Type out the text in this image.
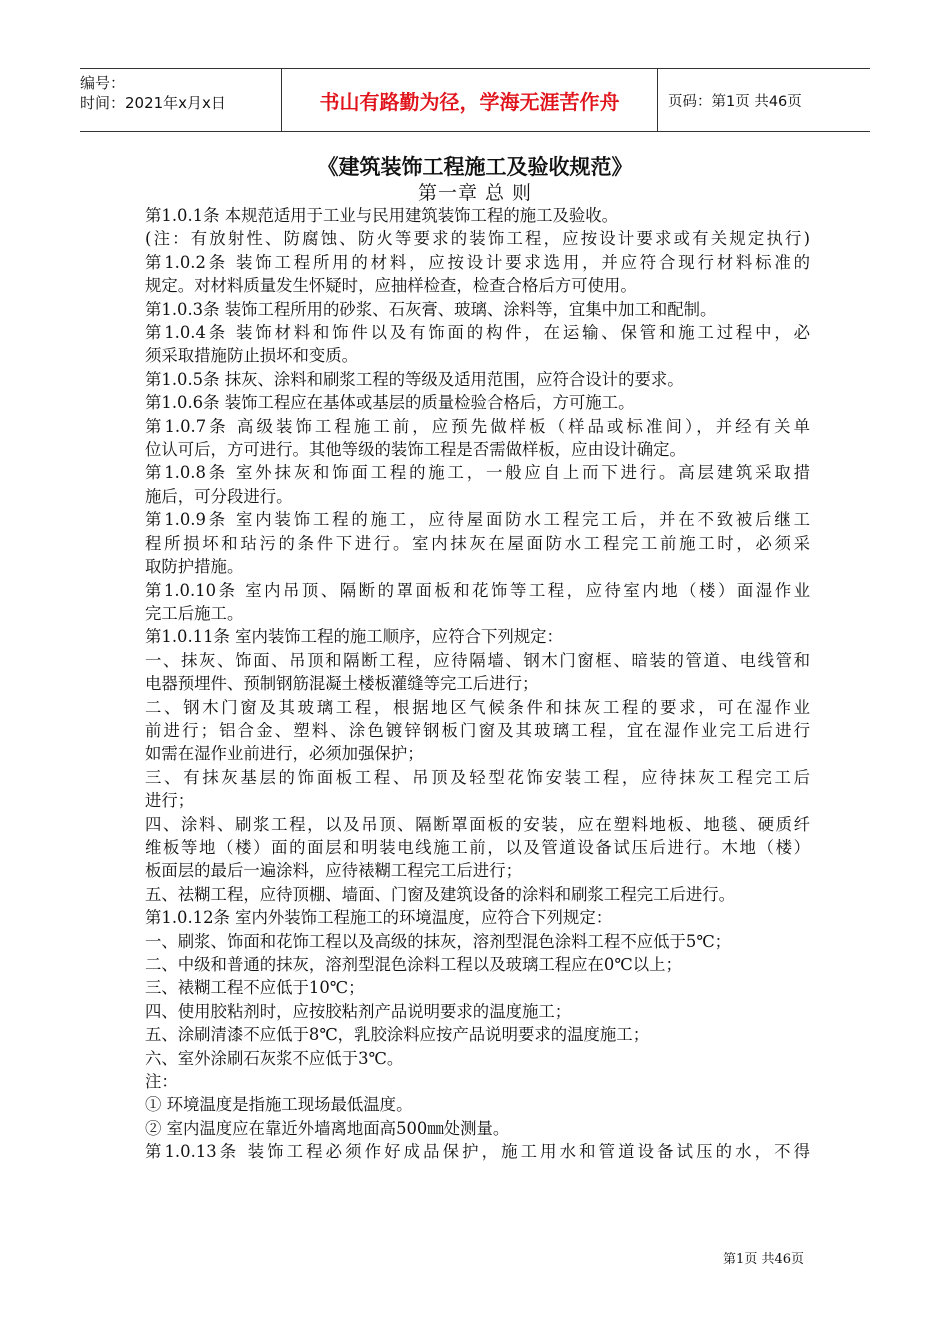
编号：
时间：2021年x月x日	书山有路勤为径，学海无涯苦作舟	页码：第1页 共46页
《建筑装饰工程施工及验收规范》
第一章 总 则
第1.0.1条 本规范适用于工业与民用建筑装饰工程的施工及验收。
(注：有放射性、防腐蚀、防火等要求的装饰工程，应按设计要求或有关规定执行)
第1.0.2条 装饰工程所用的材料，应按设计要求选用，并应符合现行材料标准的
规定。对材料质量发生怀疑时，应抽样检查，检查合格后方可使用。
第1.0.3条 装饰工程所用的砂浆、石灰膏、玻璃、涂料等，宜集中加工和配制。
第1.0.4条 装饰材料和饰件以及有饰面的构件，在运输、保管和施工过程中，必
须采取措施防止损坏和变质。
第1.0.5条 抹灰、涂料和刷浆工程的等级及适用范围，应符合设计的要求。
第1.0.6条 装饰工程应在基体或基层的质量检验合格后，方可施工。
第1.0.7条 高级装饰工程施工前，应预先做样板（样品或标准间），并经有关单
位认可后，方可进行。其他等级的装饰工程是否需做样板，应由设计确定。
第1.0.8条 室外抹灰和饰面工程的施工，一般应自上而下进行。高层建筑采取措
施后，可分段进行。
第1.0.9条 室内装饰工程的施工，应待屋面防水工程完工后，并在不致被后继工
程所损坏和玷污的条件下进行。室内抹灰在屋面防水工程完工前施工时，必须采
取防护措施。
第1.0.10条 室内吊顶、隔断的罩面板和花饰等工程，应待室内地（楼）面湿作业
完工后施工。
第1.0.11条 室内装饰工程的施工顺序，应符合下列规定：
一、抹灰、饰面、吊顶和隔断工程，应待隔墙、钢木门窗框、暗装的管道、电线管和
电器预埋件、预制钢筋混凝土楼板灌缝等完工后进行；
二、钢木门窗及其玻璃工程，根据地区气候条件和抹灰工程的要求，可在湿作业
前进行；铝合金、塑料、涂色镀锌钢板门窗及其玻璃工程，宜在湿作业完工后进行
如需在湿作业前进行，必须加强保护；
三、有抹灰基层的饰面板工程、吊顶及轻型花饰安装工程，应待抹灰工程完工后
进行；
四、涂料、刷浆工程，以及吊顶、隔断罩面板的安装，应在塑料地板、地毯、硬质纤
维板等地（楼）面的面层和明装电线施工前，以及管道设备试压后进行。木地（楼）
板面层的最后一遍涂料，应待裱糊工程完工后进行；
五、祛糊工程，应待顶棚、墙面、门窗及建筑设备的涂料和刷浆工程完工后进行。
第1.0.12条 室内外装饰工程施工的环境温度，应符合下列规定：
一、刷浆、饰面和花饰工程以及高级的抹灰，溶剂型混色涂料工程不应低于5℃；
二、中级和普通的抹灰，溶剂型混色涂料工程以及玻璃工程应在0℃以上；
三、裱糊工程不应低于10℃；
四、使用胶粘剂时，应按胶粘剂产品说明要求的温度施工；
五、涂刷清漆不应低于8℃，乳胶涂料应按产品说明要求的温度施工；
六、室外涂刷石灰浆不应低于3℃。
注：
① 环境温度是指施工现场最低温度。
② 室内温度应在靠近外墙离地面高500㎜处测量。
第1.0.13条 装饰工程必须作好成品保护，施工用水和管道设备试压的水，不得
第1页 共46页
